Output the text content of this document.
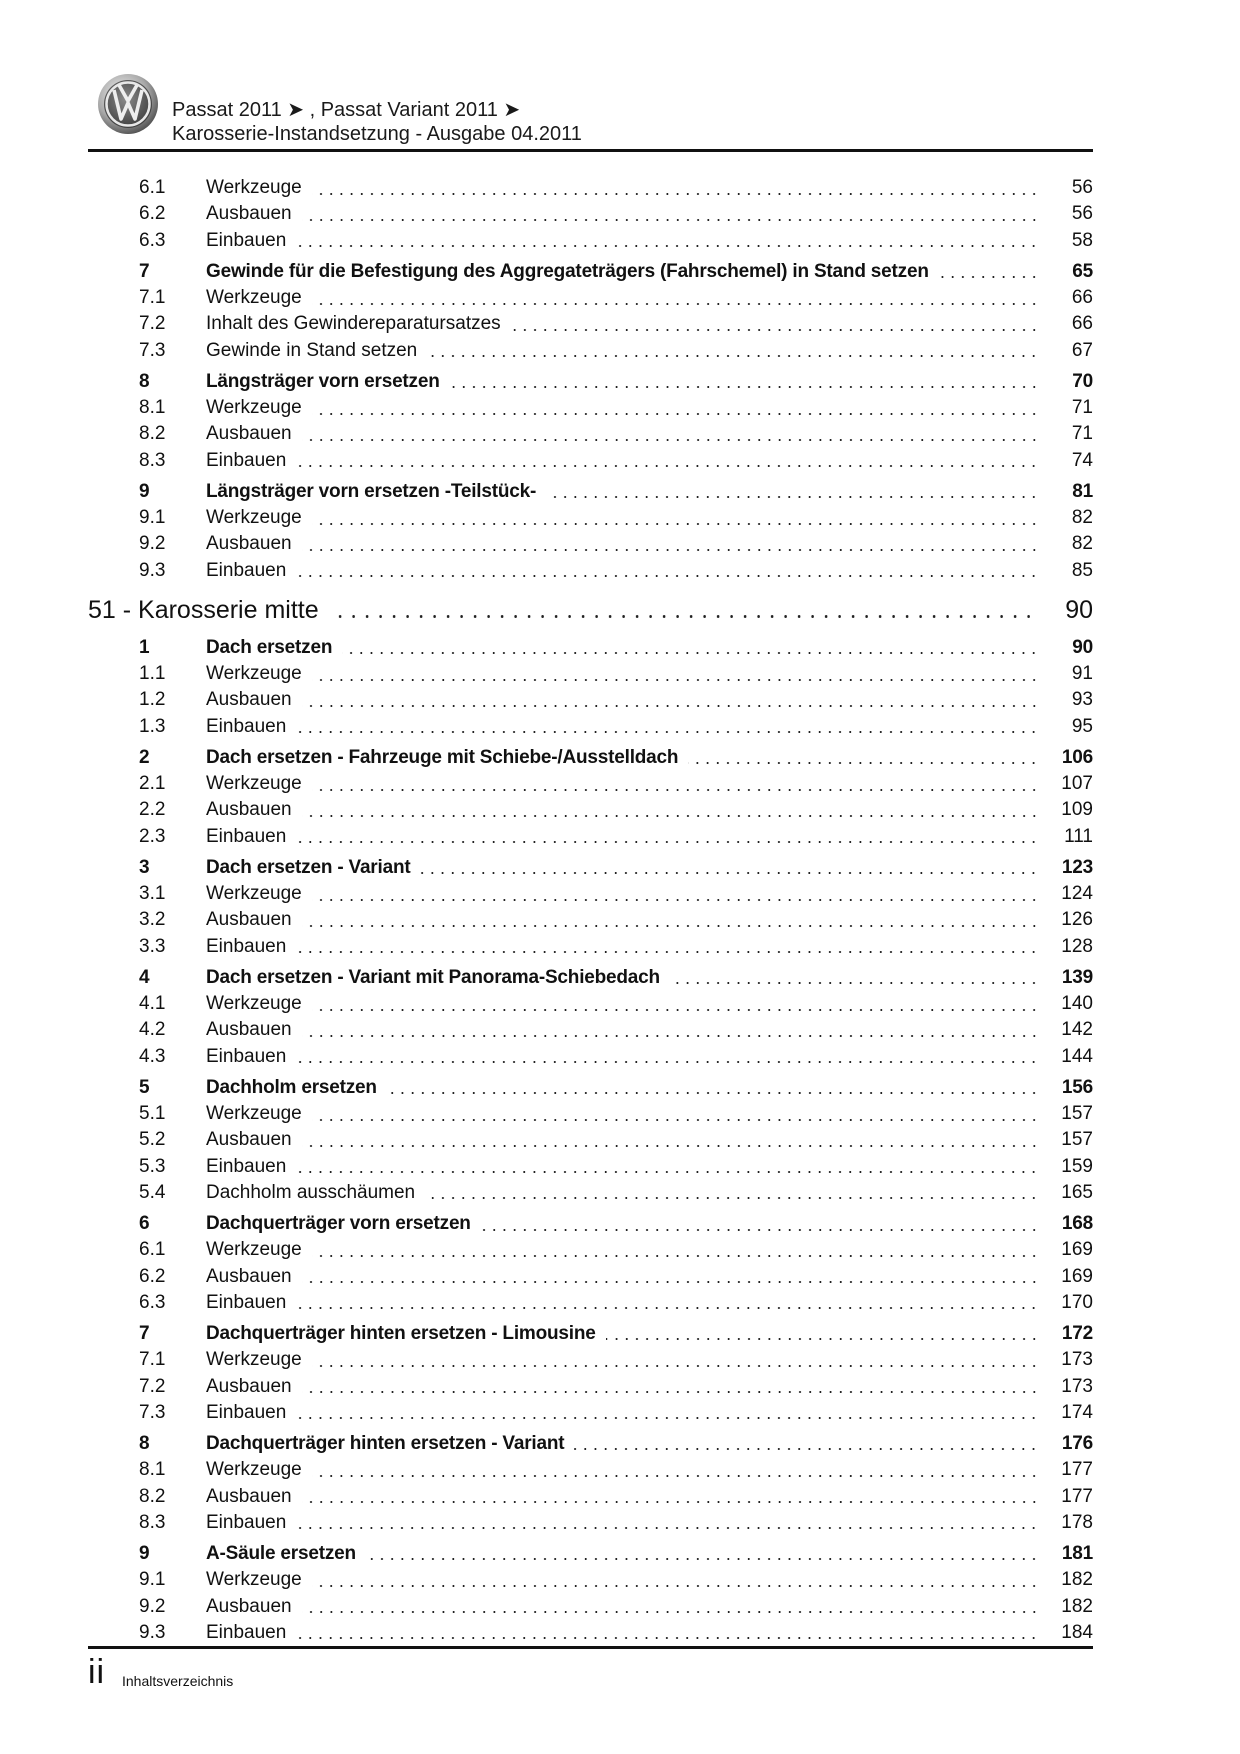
Passat 2011 ➤ , Passat Variant 2011 ➤
Karosserie-Instandsetzung - Ausgabe 04.2011
6.1 Werkzeuge	56
6.2 Ausbauen	56
6.3 Einbauen	58
7	Gewinde für die Befestigung des Aggregateträgers (Fahrschemel) in Stand setzen	65
7.1 Werkzeuge	66
7.2 Inhalt des Gewindereparatursatzes	66
7.3 Gewinde in Stand setzen	67
8	Längsträger vorn ersetzen	70
8.1 Werkzeuge	71
8.2 Ausbauen	71
8.3 Einbauen	74
9	Längsträger vorn ersetzen -Teilstück-	81
9.1 Werkzeuge	82
9.2 Ausbauen	82
9.3 Einbauen	85
51 - Karosserie mitte	90
1	Dach ersetzen	90
1.1 Werkzeuge	91
1.2 Ausbauen	93
1.3 Einbauen	95
2	Dach ersetzen - Fahrzeuge mit Schiebe-/Ausstelldach	106
2.1 Werkzeuge	107
2.2 Ausbauen	109
2.3 Einbauen	111
3	Dach ersetzen - Variant	123
3.1 Werkzeuge	124
3.2 Ausbauen	126
3.3 Einbauen	128
4	Dach ersetzen - Variant mit Panorama-Schiebedach	139
4.1 Werkzeuge	140
4.2 Ausbauen	142
4.3 Einbauen	144
5	Dachholm ersetzen	156
5.1 Werkzeuge	157
5.2 Ausbauen	157
5.3 Einbauen	159
5.4 Dachholm ausschäumen	165
6	Dachquerträger vorn ersetzen	168
6.1 Werkzeuge	169
6.2 Ausbauen	169
6.3 Einbauen	170
7	Dachquerträger hinten ersetzen - Limousine	172
7.1 Werkzeuge	173
7.2 Ausbauen	173
7.3 Einbauen	174
8	Dachquerträger hinten ersetzen - Variant	176
8.1 Werkzeuge	177
8.2 Ausbauen	177
8.3 Einbauen	178
9	A-Säule ersetzen	181
9.1 Werkzeuge	182
9.2 Ausbauen	182
9.3 Einbauen	184
ii Inhaltsverzeichnis
